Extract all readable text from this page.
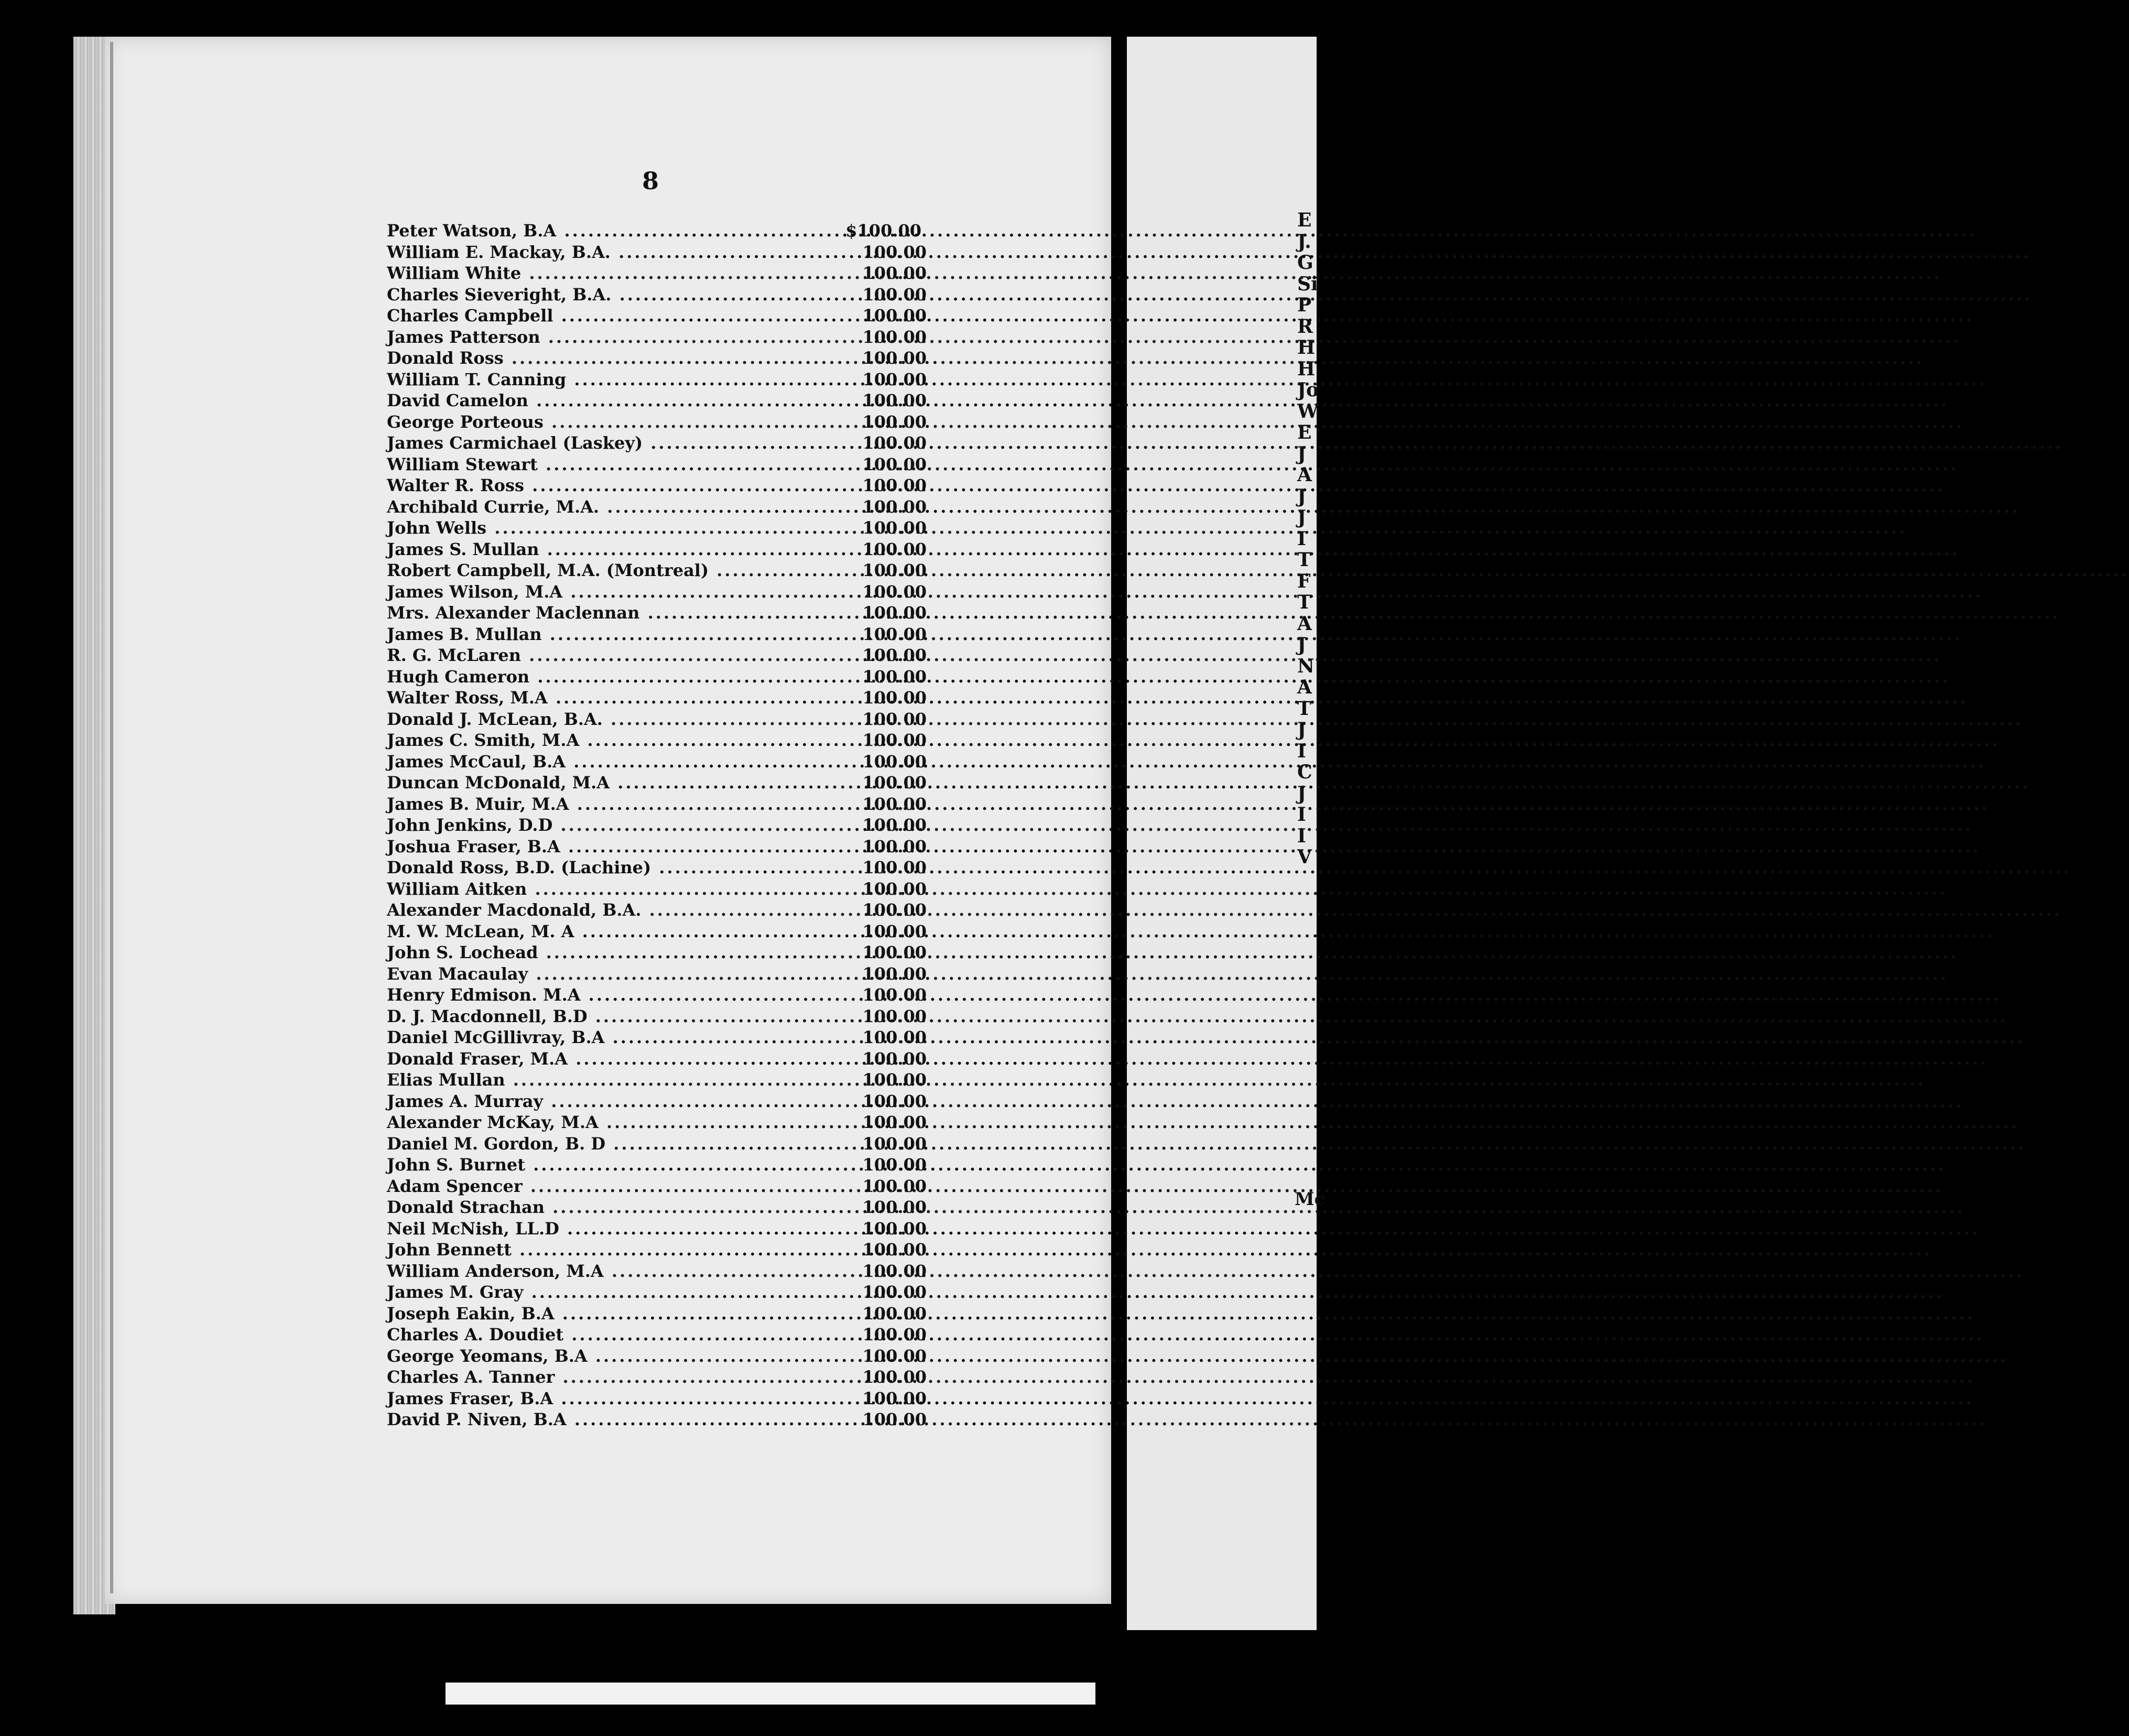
E
J.
G
Si
P
R
H
H
Jo
W
E
J
A
J
J
I
T
F
T
A
J
N
A
T
J
I
C
J
I
I
V
Mc
8
Peter Watson, B.A .....	$100.00
William E. Mackay, B.A. .....	100.00
William White .....	100.00
Charles Sieveright, B.A. .....	100.00
Charles Campbell .....	100.00
James Patterson .....	100.00
Donald Ross .....	100.00
William T. Canning .....	100.00
David Camelon .....	100.00
George Porteous .....	100.00
James Carmichael (Laskey) .....	100.00
William Stewart .....	100.00
Walter R. Ross .....	100.00
Archibald Currie, M.A. .....	100.00
John Wells .....	100.00
James S. Mullan .....	100.00
Robert Campbell, M.A. (Montreal) .....	100.00
James Wilson, M.A .....	100.00
Mrs. Alexander Maclennan .....	100.00
James B. Mullan .....	100.00
R. G. McLaren .....	100.00
Hugh Cameron .....	100.00
Walter Ross, M.A .....	100.00
Donald J. McLean, B.A. .....	100 00
James C. Smith, M.A .....	100.00
James McCaul, B.A .....	100.00
Duncan McDonald, M.A .....	100.00
James B. Muir, M.A .....	100.00
John Jenkins, D.D .....	100.00
Joshua Fraser, B.A .....	100.00
Donald Ross, B.D. (Lachine) .....	100.00
William Aitken .....	100.00
Alexander Macdonald, B.A. .....	100.00
M. W. McLean, M. A .....	100.00
John S. Lochead .....	100.00
Evan Macaulay .....	100.00
Henry Edmison. M.A .....	100.00
D. J. Macdonnell, B.D .....	100.00
Daniel McGillivray, B.A .....	100.00
Donald Fraser, M.A .....	100.00
Elias Mullan .....	100.00
James A. Murray .....	100.00
Alexander McKay, M.A .....	100.00
Daniel M. Gordon, B. D .....	100.00
John S. Burnet .....	100.00
Adam Spencer .....	100.00
Donald Strachan .....	100.00
Neil McNish, LL.D .....	100.00
John Bennett .....	100.00
William Anderson, M.A .....	100.00
James M. Gray .....	100.00
Joseph Eakin, B.A .....	100.00
Charles A. Doudiet .....	100.00
George Yeomans, B.A .....	100.00
Charles A. Tanner .....	100.00
James Fraser, B.A .....	100.00
David P. Niven, B.A .....	100.00
